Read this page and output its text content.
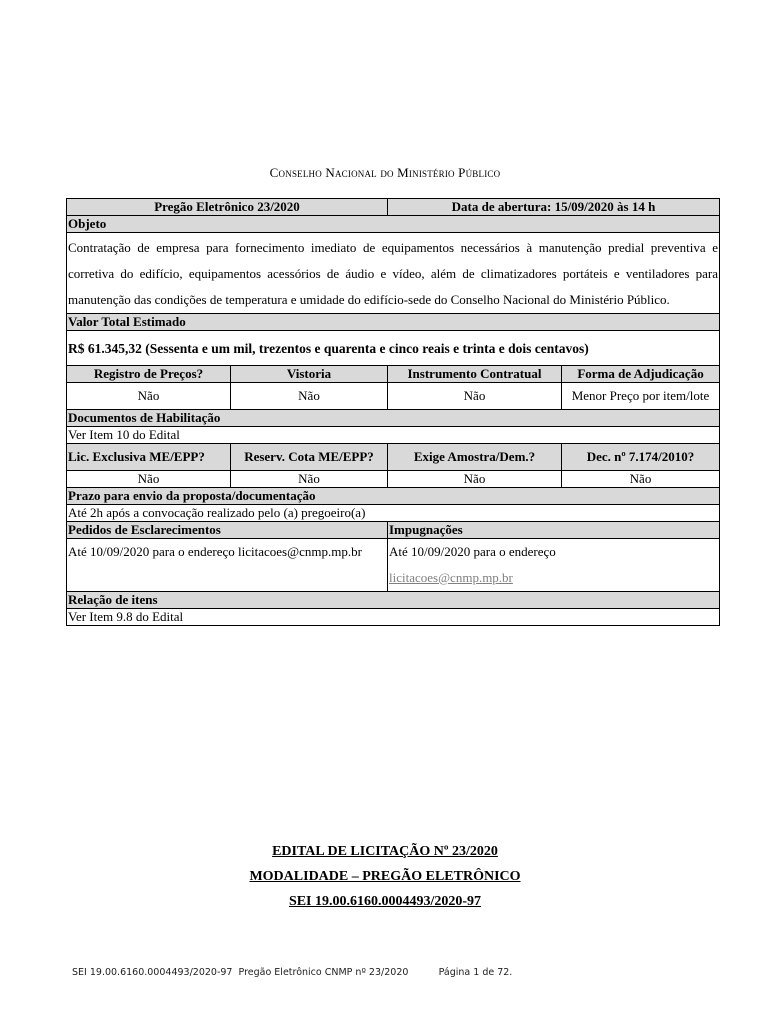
Conselho Nacional do Ministério Público
Pregão Eletrônico 23/2020		Data de abertura: 15/09/2020 às 14 h	
Objeto			
Contratação de empresa para fornecimento imediato de equipamentos necessários à manutenção predial preventiva e corretiva do edifício, equipamentos acessórios de áudio e vídeo, além de climatizadores portáteis e ventiladores para manutenção das condições de temperatura e umidade do edifício-sede do Conselho Nacional do Ministério Público.			
Valor Total Estimado			
R$ 61.345,32 (Sessenta e um mil, trezentos e quarenta e cinco reais e trinta e dois centavos)			
Registro de Preços?	Vistoria	Instrumento Contratual	Forma de Adjudicação
Não	Não	Não	Menor Preço por item/lote
Documentos de Habilitação			
Ver Item 10 do Edital			
Lic. Exclusiva ME/EPP?	Reserv. Cota ME/EPP?	Exige Amostra/Dem.?	Dec. nº 7.174/2010?
Não	Não	Não	Não
Prazo para envio da proposta/documentação			
Até 2h após a convocação realizado pelo (a) pregoeiro(a)			
Pedidos de Esclarecimentos		Impugnações	
Até 10/09/2020 para o endereço licitacoes@cnmp.mp.br		Até 10/09/2020 para o endereço
licitacoes@cnmp.mp.br	

Relação de itens			
Ver Item 9.8 do Edital			
EDITAL DE LICITAÇÃO Nº 23/2020
MODALIDADE – PREGÃO ELETRÔNICO
SEI 19.00.6160.0004493/2020-97
SEI 19.00.6160.0004493/2020-97  Pregão Eletrônico CNMP nº 23/2020          Página 1 de 72.
